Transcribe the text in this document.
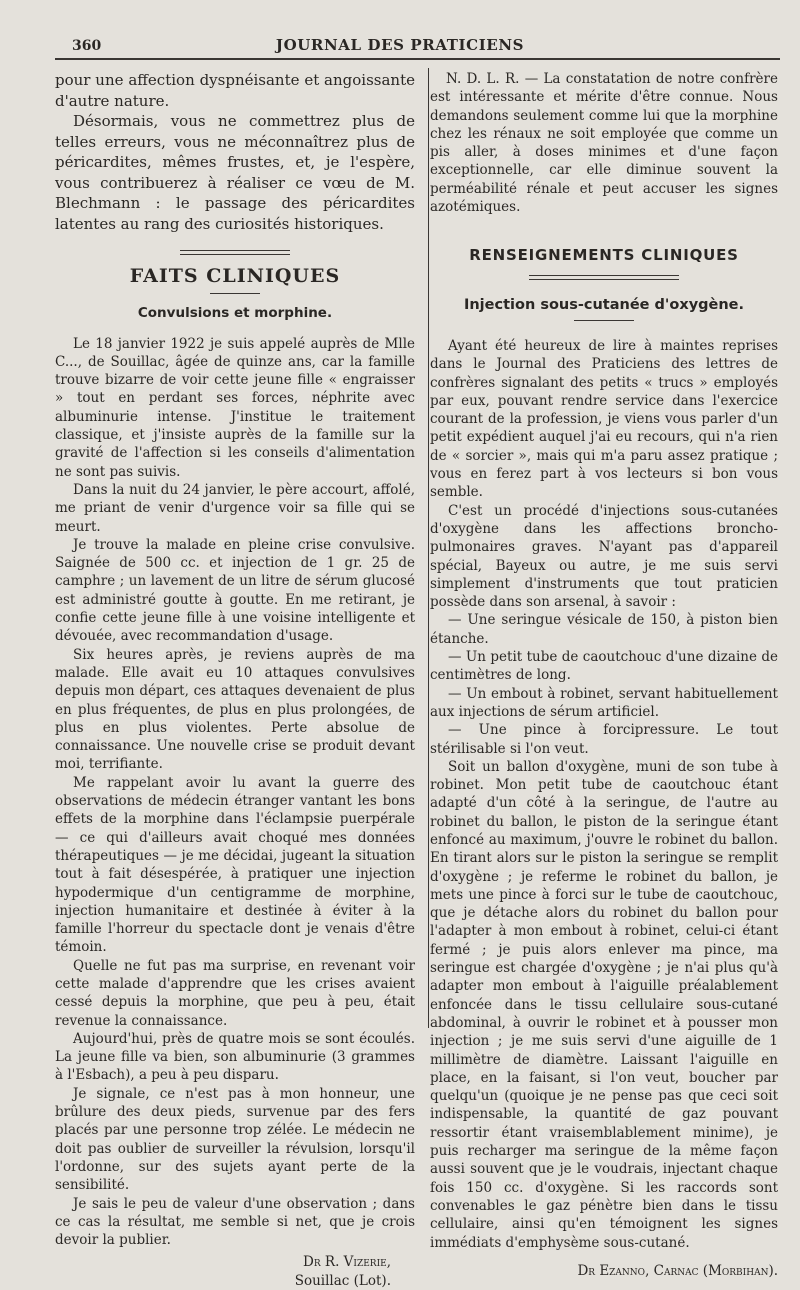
360	JOURNAL DES PRATICIENS

pour une affection dyspnéisante et angoissante d'autre nature.

Désormais, vous ne commettrez plus de telles erreurs, vous ne méconnaîtrez plus de péricardites, mêmes frustes, et, je l'espère, vous contribuerez à réaliser ce vœu de M. Blechmann : le passage des péricardites latentes au rang des curiosités historiques.

FAITS CLINIQUES
Convulsions et morphine.

Le 18 janvier 1922 je suis appelé auprès de Mlle C..., de Souillac, âgée de quinze ans, car la famille trouve bizarre de voir cette jeune fille « engraisser » tout en perdant ses forces, néphrite avec albuminurie intense. J'institue le traitement classique, et j'insiste auprès de la famille sur la gravité de l'affection si les conseils d'alimentation ne sont pas suivis.

Dans la nuit du 24 janvier, le père accourt, affolé, me priant de venir d'urgence voir sa fille qui se meurt.

Je trouve la malade en pleine crise convulsive. Saignée de 500 cc. et injection de 1 gr. 25 de camphre ; un lavement de un litre de sérum glucosé est administré goutte à goutte. En me retirant, je confie cette jeune fille à une voisine intelligente et dévouée, avec recommandation d'usage.

Six heures après, je reviens auprès de ma malade. Elle avait eu 10 attaques convulsives depuis mon départ, ces attaques devenaient de plus en plus fréquentes, de plus en plus prolongées, de plus en plus violentes. Perte absolue de connaissance. Une nouvelle crise se produit devant moi, terrifiante.

Me rappelant avoir lu avant la guerre des observations de médecin étranger vantant les bons effets de la morphine dans l'éclampsie puerpérale — ce qui d'ailleurs avait choqué mes données thérapeutiques — je me décidai, jugeant la situation tout à fait désespérée, à pratiquer une injection hypodermique d'un centigramme de morphine, injection humanitaire et destinée à éviter à la famille l'horreur du spectacle dont je venais d'être témoin.

Quelle ne fut pas ma surprise, en revenant voir cette malade d'apprendre que les crises avaient cessé depuis la morphine, que peu à peu, était revenue la connaissance.

Aujourd'hui, près de quatre mois se sont écoulés. La jeune fille va bien, son albuminurie (3 grammes à l'Esbach), a peu à peu disparu.

Je signale, ce n'est pas à mon honneur, une brûlure des deux pieds, survenue par des fers placés par une personne trop zélée. Le médecin ne doit pas oublier de surveiller la révulsion, lorsqu'il l'ordonne, sur des sujets ayant perte de la sensibilité.

Je sais le peu de valeur d'une observation ; dans ce cas la résultat, me semble si net, que je crois devoir la publier.

Dr R. Vizerie,

Souillac (Lot).

N. D. L. R. — La constatation de notre confrère est intéressante et mérite d'être connue. Nous demandons seulement comme lui que la morphine chez les rénaux ne soit employée que comme un pis aller, à doses minimes et d'une façon exceptionnelle, car elle diminue souvent la perméabilité rénale et peut accuser les signes azotémiques.

RENSEIGNEMENTS CLINIQUES
Injection sous-cutanée d'oxygène.

Ayant été heureux de lire à maintes reprises dans le Journal des Praticiens des lettres de confrères signalant des petits « trucs » employés par eux, pouvant rendre service dans l'exercice courant de la profession, je viens vous parler d'un petit expédient auquel j'ai eu recours, qui n'a rien de « sorcier », mais qui m'a paru assez pratique ; vous en ferez part à vos lecteurs si bon vous semble.

C'est un procédé d'injections sous-cutanées d'oxygène dans les affections broncho-pulmonaires graves. N'ayant pas d'appareil spécial, Bayeux ou autre, je me suis servi simplement d'instruments que tout praticien possède dans son arsenal, à savoir :

— Une seringue vésicale de 150, à piston bien étanche.

— Un petit tube de caoutchouc d'une dizaine de centimètres de long.

— Un embout à robinet, servant habituellement aux injections de sérum artificiel.

— Une pince à forcipressure. Le tout stérilisable si l'on veut.

Soit un ballon d'oxygène, muni de son tube à robinet. Mon petit tube de caoutchouc étant adapté d'un côté à la seringue, de l'autre au robinet du ballon, le piston de la seringue étant enfoncé au maximum, j'ouvre le robinet du ballon. En tirant alors sur le piston la seringue se remplit d'oxygène ; je referme le robinet du ballon, je mets une pince à forci sur le tube de caoutchouc, que je détache alors du robinet du ballon pour l'adapter à mon embout à robinet, celui-ci étant fermé ; je puis alors enlever ma pince, ma seringue est chargée d'oxygène ; je n'ai plus qu'à adapter mon embout à l'aiguille préalablement enfoncée dans le tissu cellulaire sous-cutané abdominal, à ouvrir le robinet et à pousser mon injection ; je me suis servi d'une aiguille de 1 millimètre de diamètre. Laissant l'aiguille en place, en la faisant, si l'on veut, boucher par quelqu'un (quoique je ne pense pas que ceci soit indispensable, la quantité de gaz pouvant ressortir étant vraisemblablement minime), je puis recharger ma seringue de la même façon aussi souvent que je le voudrais, injectant chaque fois 150 cc. d'oxygène. Si les raccords sont convenables le gaz pénètre bien dans le tissu cellulaire, ainsi qu'en témoignent les signes immédiats d'emphysème sous-cutané.

Dr Ezanno, Carnac (Morbihan).
